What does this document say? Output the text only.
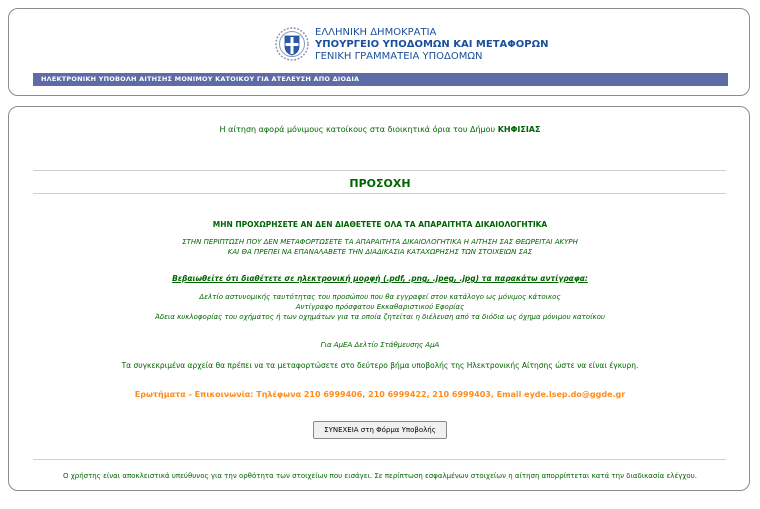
ΕΛΛΗΝΙΚΗ ΔΗΜΟΚΡΑΤΙΑ
ΥΠΟΥΡΓΕΙΟ ΥΠΟΔΟΜΩΝ ΚΑΙ ΜΕΤΑΦΟΡΩΝ
ΓΕΝΙΚΗ ΓΡΑΜΜΑΤΕΙΑ ΥΠΟΔΟΜΩΝ
ΗΛΕΚΤΡΟΝΙΚΗ ΥΠΟΒΟΛΗ ΑΙΤΗΣΗΣ ΜΟΝΙΜΟΥ ΚΑΤΟΙΚΟΥ ΓΙΑ ΑΤΕΛΕΥΣΗ ΑΠΟ ΔΙΟΔΙΑ
Η αίτηση αφορά μόνιμους κατοίκους στα διοικητικά όρια του Δήμου ΚΗΦΙΣΙΑΣ
ΠΡΟΣΟΧΗ
ΜΗΝ ΠΡΟΧΩΡΗΣΕΤΕ ΑΝ ΔΕΝ ΔΙΑΘΕΤΕΤΕ ΟΛΑ ΤΑ ΑΠΑΡΑΙΤΗΤΑ ΔΙΚΑΙΟΛΟΓΗΤΙΚΑ
ΣΤΗΝ ΠΕΡΙΠΤΩΣΗ ΠΟΥ ΔΕΝ ΜΕΤΑΦΟΡΤΩΣΕΤΕ ΤΑ ΑΠΑΡΑΙΤΗΤΑ ΔΙΚΑΙΟΛΟΓΗΤΙΚΑ Η ΑΙΤΗΣΗ ΣΑΣ ΘΕΩΡΕΙΤΑΙ ΑΚΥΡΗ
ΚΑΙ ΘΑ ΠΡΕΠΕΙ ΝΑ ΕΠΑΝΑΛΑΒΕΤΕ ΤΗΝ ΔΙΑΔΙΚΑΣΙΑ ΚΑΤΑΧΩΡΗΣΗΣ ΤΩΝ ΣΤΟΙΧΕΙΩΝ ΣΑΣ
Βεβαιωθείτε ότι διαθέτετε σε ηλεκτρονική μορφή (.pdf, .png, .jpeg, .jpg) τα παρακάτω αντίγραφα:
Δελτίο αστυνομικής ταυτότητας του προσώπου που θα εγγραφεί στον κατάλογο ως μόνιμος κάτοικος
Αντίγραφο πρόσφατου Εκκαθαριστικού Εφορίας
Άδεια κυκλοφορίας του οχήματος ή των οχημάτων για τα οποία ζητείται η διέλευση από τα διόδια ως όχημα μόνιμου κατοίκου
Για ΑμΕΑ Δελτίο Στάθμευσης ΑμΑ
Τα συγκεκριμένα αρχεία θα πρέπει να τα μεταφορτώσετε στο δεύτερο βήμα υποβολής της Ηλεκτρονικής Αίτησης ώστε να είναι έγκυρη.
Ερωτήματα - Επικοινωνία: Τηλέφωνα 210 6999406, 210 6999422, 210 6999403, Email eyde.lsep.do@ggde.gr
ΣΥΝΕΧΕΙΑ στη Φόρμα Υποβολής
Ο χρήστης είναι αποκλειστικά υπεύθυνος για την ορθότητα των στοιχείων που εισάγει. Σε περίπτωση εσφαλμένων στοιχείων η αίτηση απορρίπτεται κατά την διαδικασία ελέγχου.
